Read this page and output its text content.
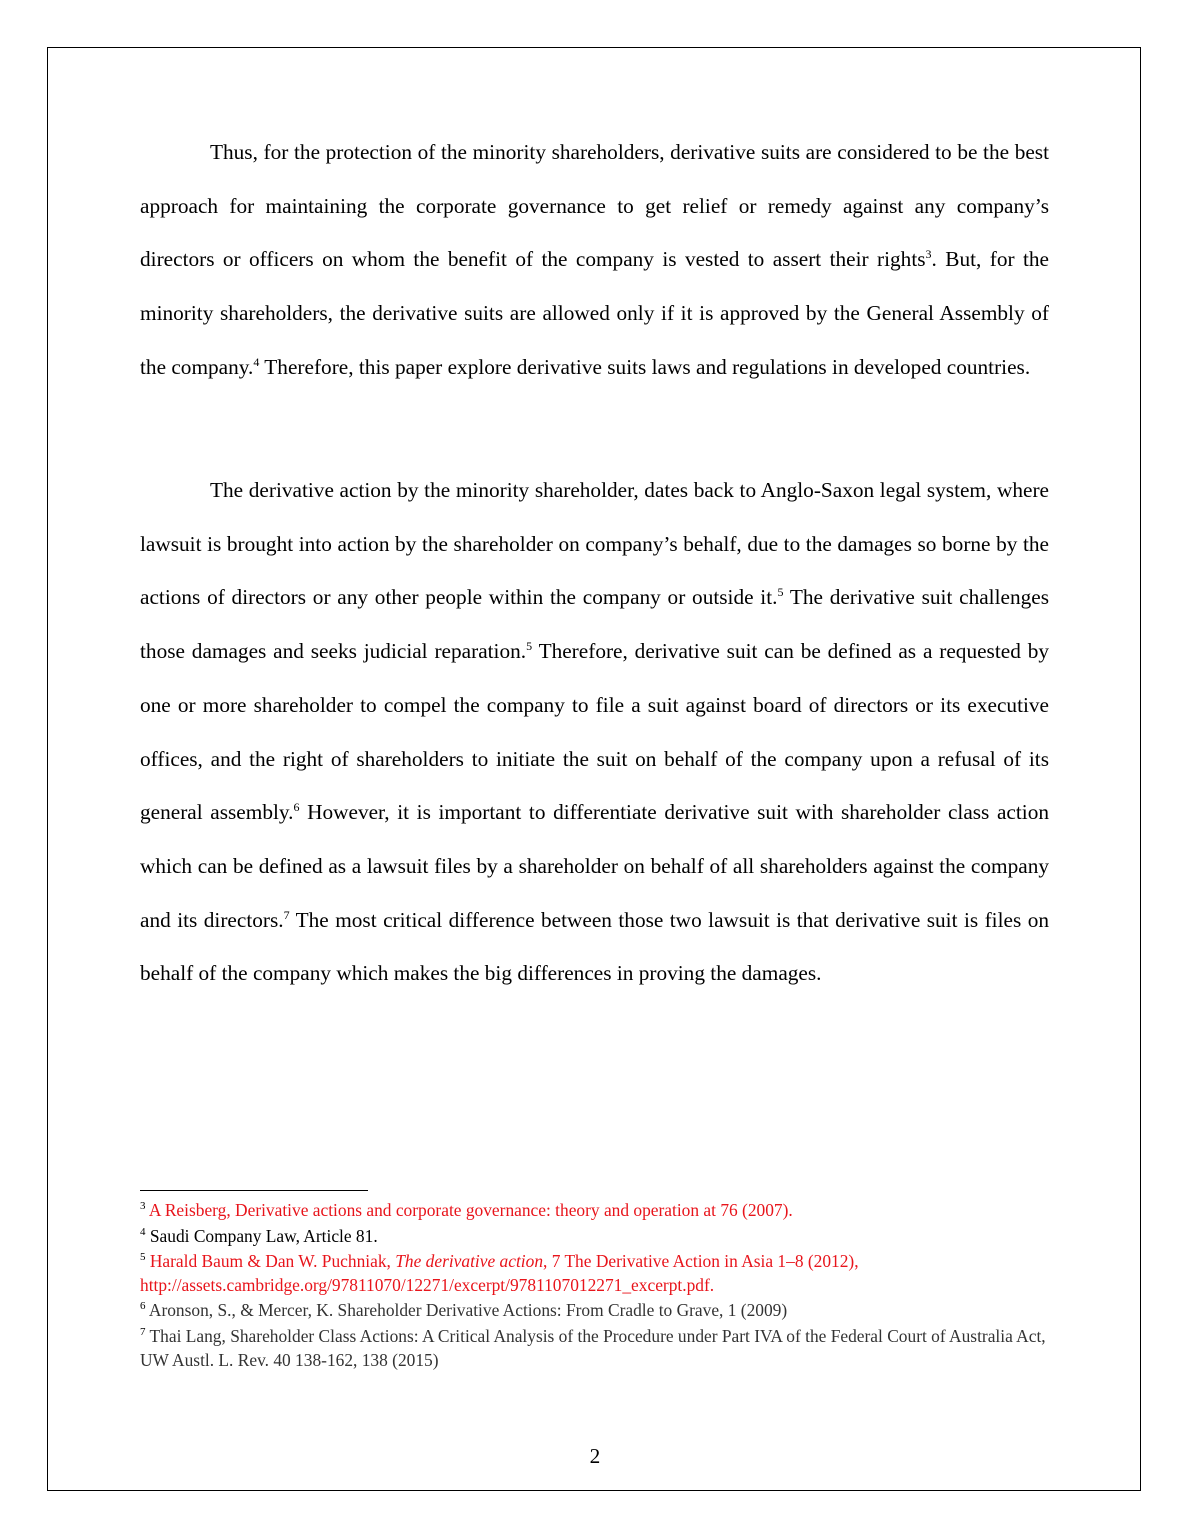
Thus, for the protection of the minority shareholders, derivative suits are considered to be the best approach for maintaining the corporate governance to get relief or remedy against any company’s directors or officers on whom the benefit of the company is vested to assert their rights$^3$. But, for the minority shareholders, the derivative suits are allowed only if it is approved by the General Assembly of the company.$^4$ Therefore, this paper explore derivative suits laws and regulations in developed countries.

The derivative action by the minority shareholder, dates back to Anglo-Saxon legal system, where lawsuit is brought into action by the shareholder on company’s behalf, due to the damages so borne by the actions of directors or any other people within the company or outside it.$^5$ The derivative suit challenges those damages and seeks judicial reparation.$^5$ Therefore, derivative suit can be defined as a requested by one or more shareholder to compel the company to file a suit against board of directors or its executive offices, and the right of shareholders to initiate the suit on behalf of the company upon a refusal of its general assembly.$^6$ However, it is important to differentiate derivative suit with shareholder class action which can be defined as a lawsuit files by a shareholder on behalf of all shareholders against the company and its directors.$^7$ The most critical difference between those two lawsuit is that derivative suit is files on behalf of the company which makes the big differences in proving the damages.

$^3$ A Reisberg, Derivative actions and corporate governance: theory and operation at 76 (2007).

$^4$ Saudi Company Law, Article 81.

$^5$ Harald Baum & Dan W. Puchniak, The derivative action, 7 The Derivative Action in Asia 1–8 (2012), http://assets.cambridge.org/97811070/12271/excerpt/9781107012271_excerpt.pdf.

$^6$ Aronson, S., & Mercer, K. Shareholder Derivative Actions: From Cradle to Grave, 1 (2009)

$^7$ Thai Lang, Shareholder Class Actions: A Critical Analysis of the Procedure under Part IVA of the Federal Court of Australia Act, UW Austl. L. Rev. 40 138-162, 138 (2015)

2
